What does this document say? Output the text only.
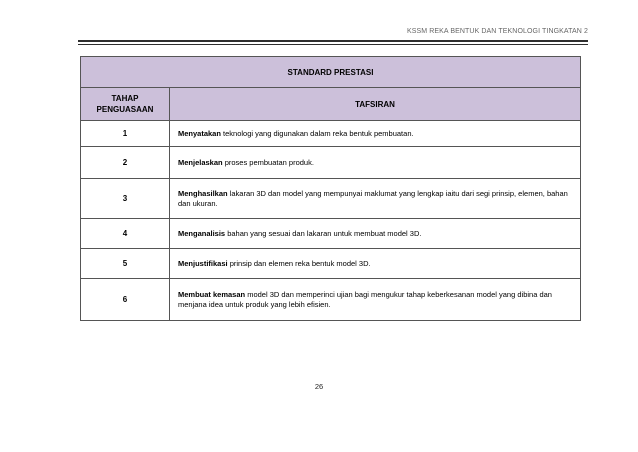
KSSM REKA BENTUK DAN TEKNOLOGI TINGKATAN 2
STANDARD PRESTASI	
TAHAP
PENGUASAAN	TAFSIRAN
1	Menyatakan teknologi yang digunakan dalam reka bentuk pembuatan.
2	Menjelaskan proses pembuatan produk.
3	Menghasilkan lakaran 3D dan model yang mempunyai maklumat yang lengkap iaitu dari segi prinsip, elemen, bahan dan ukuran.
4	Menganalisis bahan yang sesuai dan lakaran untuk membuat model 3D.
5	Menjustifikasi prinsip dan elemen reka bentuk model 3D.
6	Membuat kemasan model 3D dan memperinci ujian bagi mengukur tahap keberkesanan model yang dibina dan menjana idea untuk produk yang lebih efisien.
26
